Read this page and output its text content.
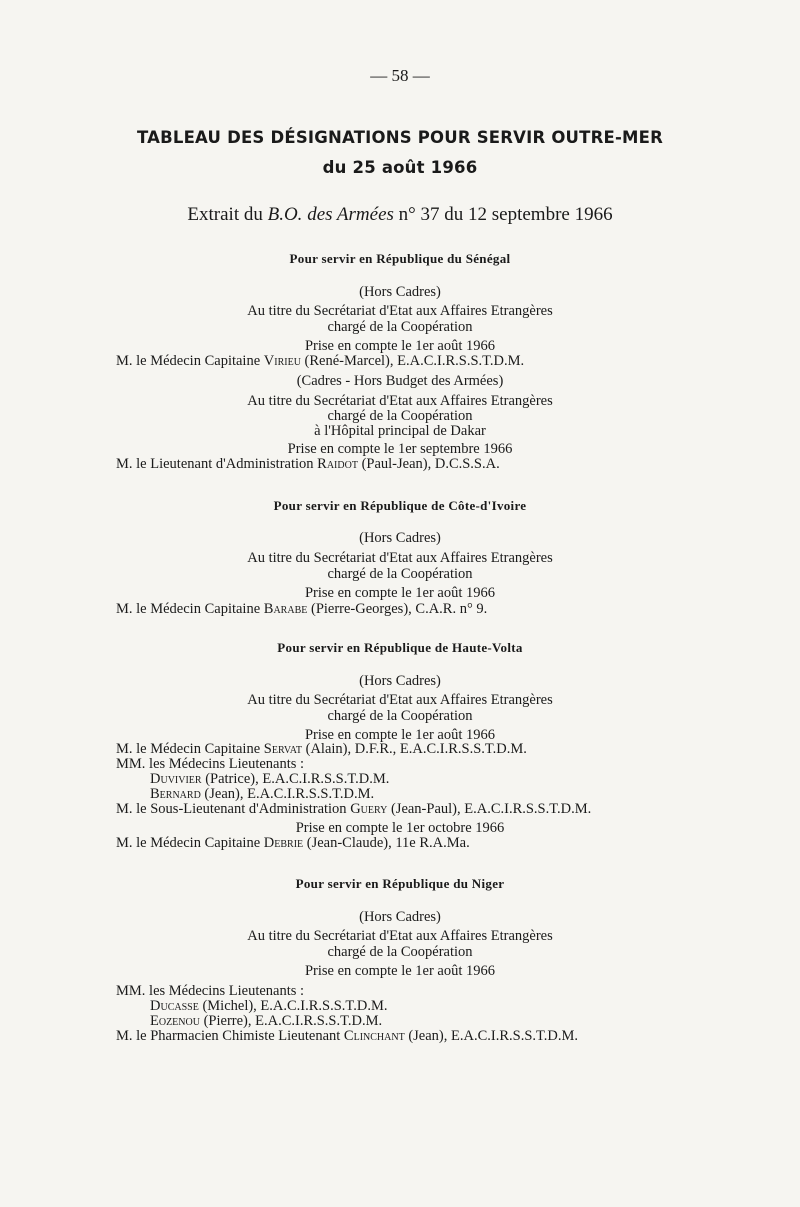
— 58 —
TABLEAU DES DÉSIGNATIONS POUR SERVIR OUTRE-MER
du 25 août 1966
Extrait du B.O. des Armées n° 37 du 12 septembre 1966
Pour servir en République du Sénégal
(Hors Cadres)
Au titre du Secrétariat d'Etat aux Affaires Etrangères
chargé de la Coopération
Prise en compte le 1er août 1966
M. le Médecin Capitaine Virieu (René-Marcel), E.A.C.I.R.S.S.T.D.M.
(Cadres - Hors Budget des Armées)
Au titre du Secrétariat d'Etat aux Affaires Etrangères
chargé de la Coopération
à l'Hôpital principal de Dakar
Prise en compte le 1er septembre 1966
M. le Lieutenant d'Administration Raidot (Paul-Jean), D.C.S.S.A.
Pour servir en République de Côte-d'Ivoire
(Hors Cadres)
Au titre du Secrétariat d'Etat aux Affaires Etrangères
chargé de la Coopération
Prise en compte le 1er août 1966
M. le Médecin Capitaine Barabe (Pierre-Georges), C.A.R. n° 9.
Pour servir en République de Haute-Volta
(Hors Cadres)
Au titre du Secrétariat d'Etat aux Affaires Etrangères
chargé de la Coopération
Prise en compte le 1er août 1966
M. le Médecin Capitaine Servat (Alain), D.F.R., E.A.C.I.R.S.S.T.D.M.
MM. les Médecins Lieutenants :
Duvivier (Patrice), E.A.C.I.R.S.S.T.D.M.
Bernard (Jean), E.A.C.I.R.S.S.T.D.M.
M. le Sous-Lieutenant d'Administration Guery (Jean-Paul), E.A.C.I.R.S.S.T.D.M.
Prise en compte le 1er octobre 1966
M. le Médecin Capitaine Debrie (Jean-Claude), 11e R.A.Ma.
Pour servir en République du Niger
(Hors Cadres)
Au titre du Secrétariat d'Etat aux Affaires Etrangères
chargé de la Coopération
Prise en compte le 1er août 1966
MM. les Médecins Lieutenants :
Ducasse (Michel), E.A.C.I.R.S.S.T.D.M.
Eozenou (Pierre), E.A.C.I.R.S.S.T.D.M.
M. le Pharmacien Chimiste Lieutenant Clinchant (Jean), E.A.C.I.R.S.S.T.D.M.
